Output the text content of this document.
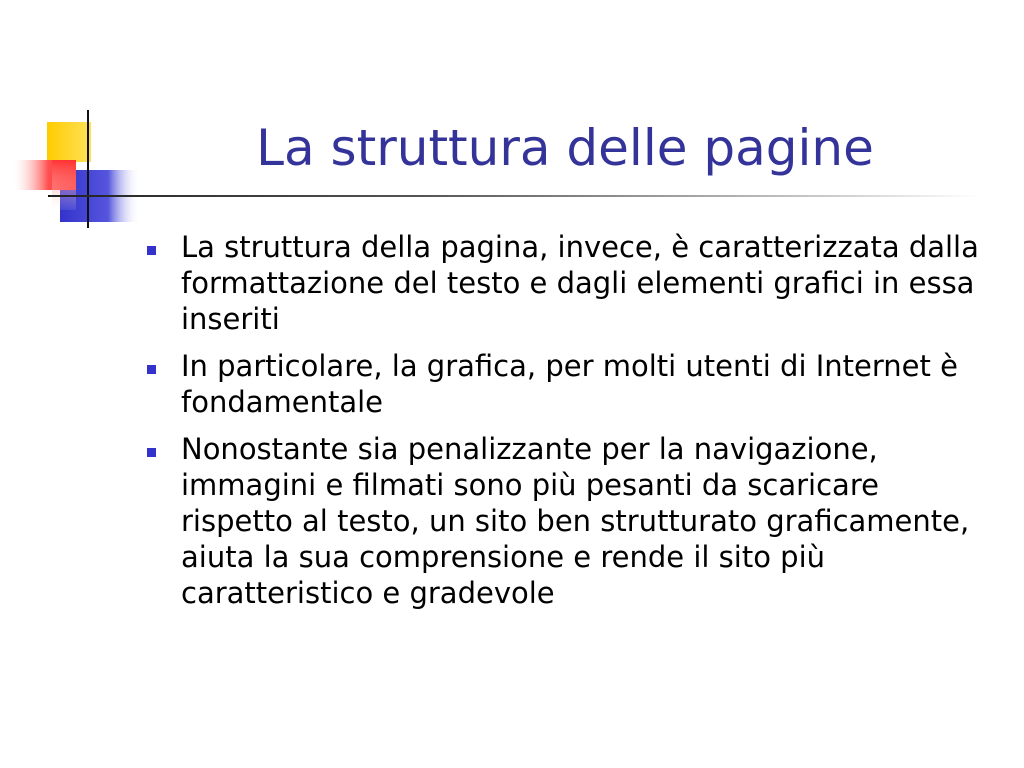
La struttura delle pagine
La struttura della pagina, invece, è caratterizzata dalla formattazione del testo e dagli elementi grafici in essa inseriti
In particolare, la grafica, per molti utenti di Internet è fondamentale
Nonostante sia penalizzante per la navigazione, immagini e filmati sono più pesanti da scaricare rispetto al testo, un sito ben strutturato graficamente, aiuta la sua comprensione e rende il sito più caratteristico e gradevole
